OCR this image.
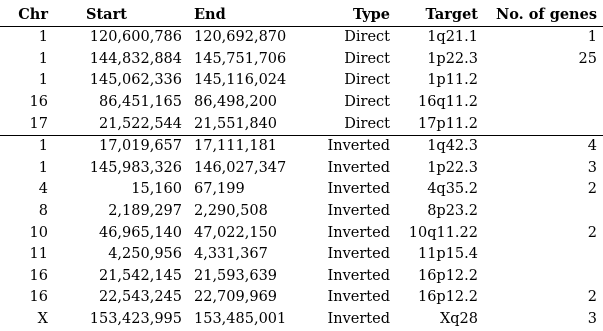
Chr	Start	End	Type	Target	No. of genes
1	120,600,786	120,692,870	Direct	1q21.1	1
1	144,832,884	145,751,706	Direct	1p22.3	25
1	145,062,336	145,116,024	Direct	1p11.2	
16	86,451,165	86,498,200	Direct	16q11.2	
17	21,522,544	21,551,840	Direct	17p11.2	
1	17,019,657	17,111,181	Inverted	1q42.3	4
1	145,983,326	146,027,347	Inverted	1p22.3	3
4	15,160	67,199	Inverted	4q35.2	2
8	2,189,297	2,290,508	Inverted	8p23.2	
10	46,965,140	47,022,150	Inverted	10q11.22	2
11	4,250,956	4,331,367	Inverted	11p15.4	
16	21,542,145	21,593,639	Inverted	16p12.2	
16	22,543,245	22,709,969	Inverted	16p12.2	2
X	153,423,995	153,485,001	Inverted	Xq28	3
